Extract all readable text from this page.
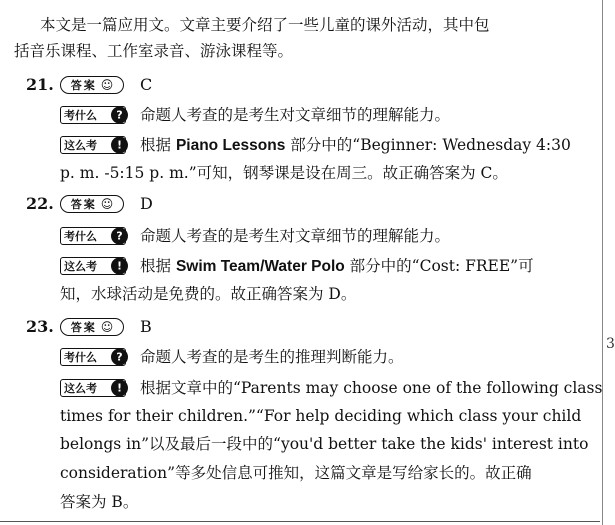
本文是一篇应用文。文章主要介绍了一些儿童的课外活动，其中包
括音乐课程、工作室录音、游泳课程等。
21. 答案 ☺ C
考什么	?	命题人考查的是考生对文章细节的理解能力。
这么考	!	根据 Piano Lessons 部分中的“Beginner: Wednesday 4:30
p. m. -5:15 p. m.”可知，钢琴课是设在周三。故正确答案为 C。
22. 答案 ☺ D
考什么	?	命题人考查的是考生对文章细节的理解能力。
这么考	!	根据 Swim Team/Water Polo 部分中的“Cost: FREE”可
知，水球活动是免费的。故正确答案为 D。
23. 答案 ☺ B
考什么	?	命题人考查的是考生的推理判断能力。
这么考	!	根据文章中的“Parents may choose one of the following class
times for their children.”“For help deciding which class your child
belongs in”以及最后一段中的“you'd better take the kids' interest into
consideration”等多处信息可推知，这篇文章是写给家长的。故正确
答案为 B。
3
